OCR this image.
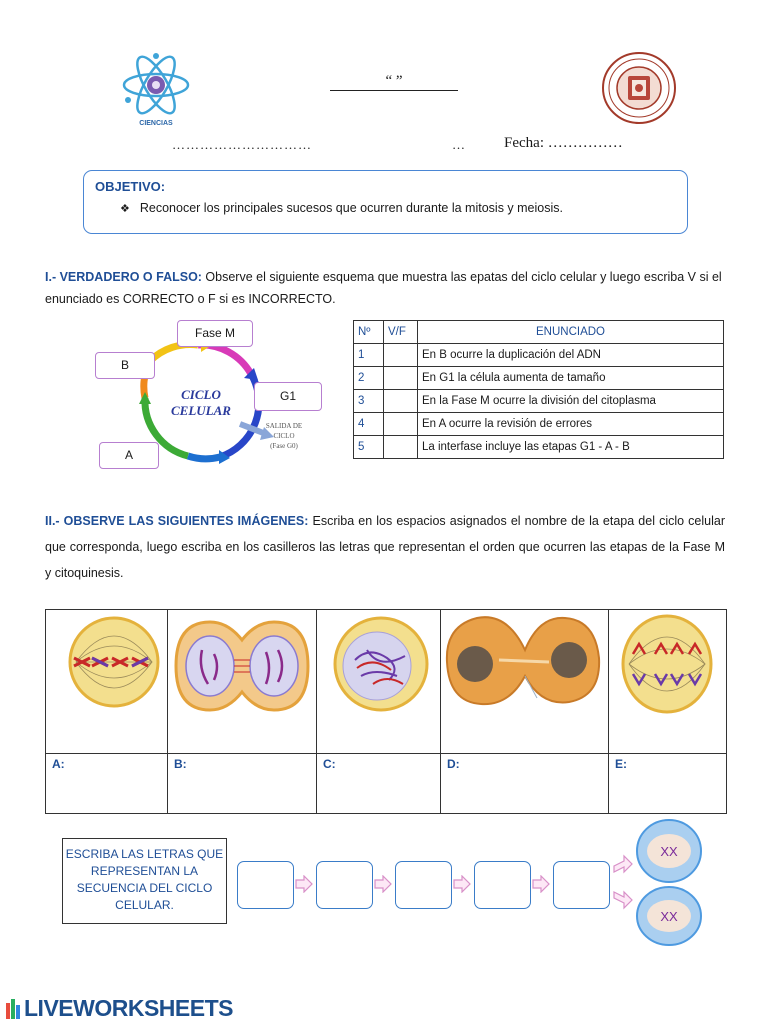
CIENCIAS
“ ”
…………………………	…	Fecha: ……………
OBJETIVO:
❖ Reconocer los principales sucesos que ocurren durante la mitosis y meiosis.
I.- VERDADERO O FALSO: Observe el siguiente esquema que muestra las epatas del ciclo celular y luego escriba V si el enunciado es CORRECTO o F si es INCORRECTO.
CICLO
CELULAR
SALIDA DE
CICLO
(Fase G0)
Fase M
B
G1
A
Nº	V/F	ENUNCIADO
1		En B ocurre la duplicación del ADN
2		En G1 la célula aumenta de tamaño
3		En la Fase M ocurre la división del citoplasma
4		En A ocurre la revisión de errores
5		La interfase incluye las etapas G1 - A - B
II.- OBSERVE LAS SIGUIENTES IMÁGENES: Escriba en los espacios asignados el nombre de la etapa del ciclo celular que corresponda, luego escriba en los casilleros las letras que representan el orden que ocurren las etapas de la Fase M y citoquinesis.

A:	B:	C:	D:	E:
ESCRIBA LAS LETRAS QUE REPRESENTAN LA SECUENCIA DEL CICLO CELULAR.
XX
XX
LIVEWORKSHEETS
